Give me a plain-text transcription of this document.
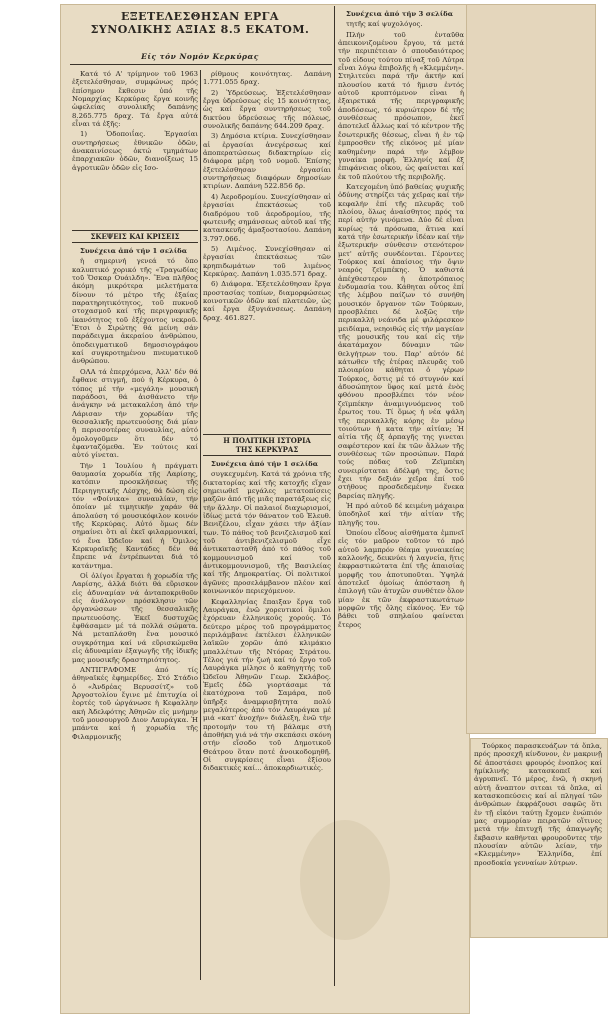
ΕΞΕΤΕΛΕΣΘΗΣΑΝ ΕΡΓΑ
ΣΥΝΟΛΙΚΗΣ ΑΞΙΑΣ 8.5 ΕΚΑΤΟΜ.
Είς τόν Νομόν Κερκύρας

Κατά τό Α' τρίμηνον τοῦ 1963 ἐξετελέσθησαν, συμφώνως πρός ἐπίσημον ἔκθεσιν ὑπό τῆς Νομαρχίας Κερκύρας ἔργα κοινῆς ὠφελείας συνολικῆς δαπάνης 8.265.775 δραχ. Τά ἔργα αὐτά εἶναι τά ἑξῆς:

1) Ὁδοποιΐας. Ἐργασίαι συντηρήσεως ἐθνικῶν ὁδῶν, ἀνακαινίσεως ὀκτώ τμημάτων ἐπαρχιακῶν ὁδῶν, διανοίξεως 15 ἀγροτικῶν ὁδῶν εἰς Ισο-

ρίθμους κοινότητας. Δαπάνη 1.771.055 δραχ.

2) Ὑδρεύσεως. Ἐξετελέσθησαν ἔργα ὑδρεύσεως εἰς 15 κοινότητας, ὡς καί ἔργα συντηρήσεως τοῦ δικτύου ὑδρεύσεως τῆς πόλεως, συνολικῆς δαπάνης 644.209 δραχ.

3) Δημόσια κτίρια. Συνεχίσθησαν αἱ ἐργασίαι ἀνεγέρσεως καί ἀποπερατώσεως διδακτηρίων εἰς διάφορα μέρη τοῦ νομοῦ. Ἐπίσης ἐξετελέσθησαν ἐργασίαι συντηρήσεως διαφόρων δημοσίων κτιρίων. Δαπάνη 522.856 δρ.

4) Ἀεροδρομίου. Συνεχίσθησαν αἱ ἐργασίαι ἐπεκτάσεως τοῦ διαδρόμου τοῦ ἀεροδρομίου, τῆς φωτεινῆς σημάνσεως αὐτοῦ καί τῆς κατασκευῆς ἀμαξοστασίου. Δαπάνη 3.797.066.

5) Λιμένος. Συνεχίσθησαν αἱ ἐργασίαι ἐπεκτάσεως τῶν κρηπιδωμάτων τοῦ λιμένος Κερκύρας. Δαπάνη 1.035.571 δραχ.

6) Διάφορα. Ἐξετελέσθησαν ἔργα προστασίας τοπίων, διαμορφώσεως κοινοτικῶν ὁδῶν καί πλατειῶν, ὡς καί ἔργα ἐξυγιάνσεως. Δαπάνη δραχ. 461.827.

ΣΚΕΨΕΙΣ ΚΑΙ ΚΡΙΣΕΙΣ

Συνέχεια ἀπό τήν 1 σελίδα

ἡ σημερινή γενεά τό ὅπο καλυπτικό χορικό τῆς «Τραγωδίας τοῦ Ὄσκαρ Ουάιλδη». Ἕνα πλῆθος ἀκόμη μικρότερα μελετήματα δίνουν τό μέτρο τῆς ἐξαίας παρατηρητικότητος, τοῦ πυκνοῦ στοχασμοῦ καί τῆς περιγραφικῆς ἱκανότητος τοῦ ἐξέχοντος νεκροῦ. Ἔτσι ὁ Σιρώτης θά μείνη σάν παράδειγμα ἀκεραίου ἀνθρώπου, ὁποδειγματικοῦ δημοσιογράφου καί συγκροτημένου πνευματικοῦ ἀνθρώπου.

ΟΛΑ τά ἐπερχόμενα, Ἀλλ' δέν θά ἔφθανε στιγμή, πού ἡ Κέρκυρα, ὁ τόπος μέ τήν «μεγάλη» μουσική παράδοσι, θά ἀισθάνετο τήν ἀνάγκην νά μετακαλέση ἀπό τήν Λάρισαν τήν χορωδίαν τῆς θεσσαλικῆς πρωτευούσης διά μίαν ἤ περισσοτέρας συναυλίας, αὐτό ὁμολογοῦμεν ὅτι δέν τό ἐφανταζόμεθα. Ἐν τούτοις καί αὐτό γίνεται.

Τήν 1 Ἰουλίου ἡ πράγματι θαυμασία χορωδία τῆς Λαρίσης, κατόπιν προσκλήσεως τῆς Περιηγητικῆς Λέσχης, θά δώση εἰς τόν «Φοίνικα» συναυλίαν, τήν ὁποίαν μέ τιμητικήν χαράν θά ἀπολαύση τό μουσικόφιλον κοινόν τῆς Κερκύρας. Αὐτό ὅμως δέν σημαίνει ὅτι αἱ ἐκεῖ φιλαρμονικαί, τό ἔνα Ὠδεῖον καί ἡ Ὁμιλος Κερκυραϊκῆς Καντάδες δέν θά ἔπρεπε νά ἐντρέπωνται διά τό κατάντημα.

Οἱ ὁλίγοι ἔργαται ἡ χορωδία τῆς Λαρίσης, ἀλλά διότι θά εὕρισκον εἰς ἀδυναμίαν νά ἀνταποκριθοῦν εἰς ἀνάλογον πρόσκλησιν τῶν ὀργανώσεων τῆς θεσσαλικῆς πρωτευούσης. Ἐκεῖ δυστυχῶς ἐφθάσαμεν μέ τά πολλά σώματα. Νά μεταπλάσθη ἕνα μουσικό συγκρότημα καί νά εὕρισκώμεθα εἰς ἀδυναμίαν ἐξαγωγῆς τῆς ἰδικῆς μας μουσικῆς δραστηριότητος.

ΑΝΤΙΓΡΑΦΟΜΕ ἀπό τίς ἀθηναϊκές ἐφημερίδες. Στό Στάδιο ὁ «Ἀνδρέας Βερυσσίτζ» τοῦ Ἀργοστολίου ἔγινε μέ ἐπιτυχία οἱ ἑορτές τοῦ ὠργάνωσε ἡ Κεφαλλην ακή Ἀδελφότης Ἀθηνῶν εἰς μνήμην τοῦ μουσουργοῦ Διον Λαυράγκα. Ἡ μπάντα καί ἡ χορωδία τῆς Φιλαρμονικῆς

Η ΠΟΛΙΤΙΚΗ ΙΣΤΟΡΙΑ
ΤΗΣ ΚΕΡΚΥΡΑΣ

Συνέχεια ἀπό τήν 1 σελίδα

συγκεχυμένη. Κατά τά χρόνια τῆς δικτατορίας καί τῆς κατοχῆς εἴχαν σημειωθεῖ μεγάλες μετατοπίσεις μαζῶν ἀπό τῆς μιᾶς παρατάξεως εἰς τήν ἄλλην. Οἱ παλαιοί διαχωρισμοί, ἰδίως μετά τόν θάνατον τοῦ Ἐλευθ. Βενιζέλου, εἶχαν χάσει τήν ἀξίαν των. Τό πάθος τοῦ βενιζελισμοῦ καί τοῦ ἀντιβενιζελισμοῦ εἶχε ἀντικατασταθῆ ἀπό τό πάθος τοῦ κομμουνισμοῦ καί τοῦ ἀντικομμουνισμοῦ, τῆς Βασιλείας καί τῆς Δημοκρατίας. Οἱ πολιτικοί ἀγῶνες προσελάμβανον πλέον καί κοινωνικόν περιεχόμενον.

Κεφαλληνίας ἔπαιξαν ἔργα τοῦ Λαυράγκα, ἐνῶ χορευτικοί ὅμιλοι ἐχόρευαν ἑλληνικούς χορούς. Τό δεύτερο μέρος τοῦ προγράμματος περιλάμβανε ἐκτέλεσι ἑλληνικῶν λαϊκῶν χορῶν ἀπό κλιμάκιο μπαλλέτων τῆς Ντόρας Στράτου. Τέλος γιά τήν ζωή καί τό ἔργο τοῦ Λαυράγκα μίλησε ὁ καθηγητής τοῦ Ὠδεῖου Ἀθηνῶν Γεωρ. Σκλάβος. Ἐμεῖς ἐδῶ γιορτάσαμε τά ἑκατόχρονα τοῦ Σαμάρα, ποῦ ὑπῆρξε ἀναμφισβήτητα πολύ μεγαλύτερος ἀπό τόν Λαυράγκα μέ μιά «κατ' ἀνοχήν» διάλεξη, ἐνῶ τήν προτομήν του τή βάλαμε στή ἀποθήκη γιά νά τήν σκεπάσει σκόνη στήν εἴσοδο τοῦ Δημοτικοῦ Θεάτρου ὅταν ποτέ ἀνοικοδομηθῆ. Οἱ συγκρίσεις εἶναι ἐξίσου διδακτικές καί... ἀποκαρδιωτικές.

Συνέχεια ἀπό τήν 3 σελίδα

τητῆς καί ψυχολόγος.

Πλήν τοῦ ἐνταῦθα ἀπεικονιζομένου ἔργου, τά μετά τήν περιπέτειαν ὁ σπουδαιότερος τοῦ εἰδους τούτου πίναξ τοῦ Λύτρα εἶναι λόγω ἐπιβολῆς ἡ «Κλεμμένη». Στηλιτεύει παρά τῆν ἀκτήν καί πλουσίου κατά τό ἥμισυ ἐντός αὐτοῦ κρυπτόμενον εἰναι ἡ ἐξαιρετικά τῆς περιγραφικῆς ἀποδόσεως, τό κυριώτερον δέ τῆς συνθέσεως πρόσωπον, ἐκεῖ ἀποτελεῖ ἄλλως καί τό κέντρον τῆς ἔσωτερικῆς θέσεως, εἶναι ἡ ἐν τῷ ἐμπροσθεν τῆς εἰκόνος μέ μίαν καθημένην παρά τήν λέμβον γυναίκα μορφή. Ἑλληνίς καί ἐξ ἐπιφάνειας οἴκου, ὡς φαίνεται καί ἐκ τοῦ πλούτου τῆς περιβολῆς.

Κατεχομένη ὑπό βαθείας ψυχικῆς ὀδύνης στηρίζει τάς χεῖρας καί τήν κεφαλήν ἐπί τῆς πλευρᾶς τοῦ πλοίου, ὅλως ἀναίσθητος πρός τα περί αὐτήν γινόμενα. Δύο δέ εἶναι κυρίως τά πρόσωπα, ἅτινα καί κατά τήν ἐσωτερικήν ἰδέαν καί τήν ἐξωτερικήν σύνθεσιν στενότερον μετ' αὐτῆς συνδέονται. Γέροντες Τούρκος καί ἀπαίσιος τήν ὄψιν νεαρός ζεϊμπέκης. Ὁ καθιστά ἀπέχθεστερον ἡ ἀποτρόπαιος ἐνδυμασία του. Κάθηται οὗτος ἐπί τῆς λέμβου παίζων τό συνήθη μουσικόν ὄργανον τῶν Τούρκων, προσβλέπει δέ λοξῶς τήν περικαλλή νεάνιδα μέ φιλάρεσκον μειδίαμα, νεηοιθώς εἰς τήν μαγείαν τῆς μουσικῆς του καί εἰς τήν ἀκατάμαχον δύναμιν τῶν θελγήτρων του. Παρ' αὐτόν δέ κάτωθεν τῆς ἑτέρας πλευρᾶς τοῦ πλοιαρίου κάθηται ὁ γέρων Τούρκος, ὅστις μέ τό στυγνόν καί ἀδυσώπητον ὕφος καί μετά ἐνὸς φθόνου προσβλέπει τόν νέον ζεϊμπέκην ἀναμιγνυόμενος τοῦ ἔρωτος του. Τί ὅμως ἡ νέα ψάλη τῆς περικαλλῆς κόρης ἐν μέσῳ τοιούτων ἡ κατα τήν αἰτίαν; Ἡ αἰτία τῆς ἐξ ἀρπαγῆς της γινεται σαφέστερον καί ἐκ τῶν ἄλλων τῆς συνθέσεως τῶν προσώπων. Παρά τούς πόδας τοῦ Ζεϊμπέκη συνειρίσταται ἀδέλφή της, ὅστις ἔχει τήν δεξιάν χεῖρα ἐπί τοῦ στήθους προσδεδεμένην ἕνεκα βαρείας πληγῆς.

Ἡ πρό αὐτοῦ δέ κειμένη μάχαιρα ὑποδηλοῖ καί τήν αἰτίαν τῆς πληγῆς του.

Ὁποίου εἶδους αἰσθήματα ἐμπνεῖ εἰς τόν μαῦρον τοῦτον τό πρό αὐτοῦ λαμπρόν θέαμα γυναικείας καλλονῆς, δεικνύει ἡ λαγνεία, ἥτις ἐκφραστικώτατα ἐπί τῆς ἀπαισίας μορφῆς του ἀποτυποῦται. Ὑψηλά ἀποτελεῖ ὁμοίως ἀπόσταση ἡ ἐπιλογή τῶν ἀτυχῶν συνθέτεν ὅλον μίαν ἐκ τῶν ἐκφραστικωτάτων μορφῶν τῆς ὅλης εἰκόνος. Ἐν τῷ βάθει τοῦ σπηλαίου φαίνεται ἕτερος

Τούρκος παρασκευάζων τά ὅπλα, πρός προσεχῆ κίνδυνον, ἐν μακρινῇ δέ ἀποστάσει φρουρός ἐνοπλος καί ἡμίκλινής κατασκοπεῖ καί ἀγρυπνεῖ. Τό μέρος, ἐνῶ, ἡ σκηνή αὐτή ἄναπτον σιτεαι τά ὅπλα, αἱ κατασκοπεύσεις καί αἱ πληγαί τῶν ἀνθρώπων ἐκφράζουσι σαφῶς ὅτι ἐν τῇ εἰκόνι ταύτῃ ἔχομεν ἐνώπιόν μας συμμορίαν πειρατῶν οἵτινες μετά τήν ἐπιτυχῆ τῆς ἀπαγωγῆς ἔκβασιν καθήνται φρουροῦντες τήν πλουσίαν αὐτῶν λείαν, τήν «Κλεμμένην» Ἑλληνίδα, ἐπί προσδοκία γενναίων λύτρων.
